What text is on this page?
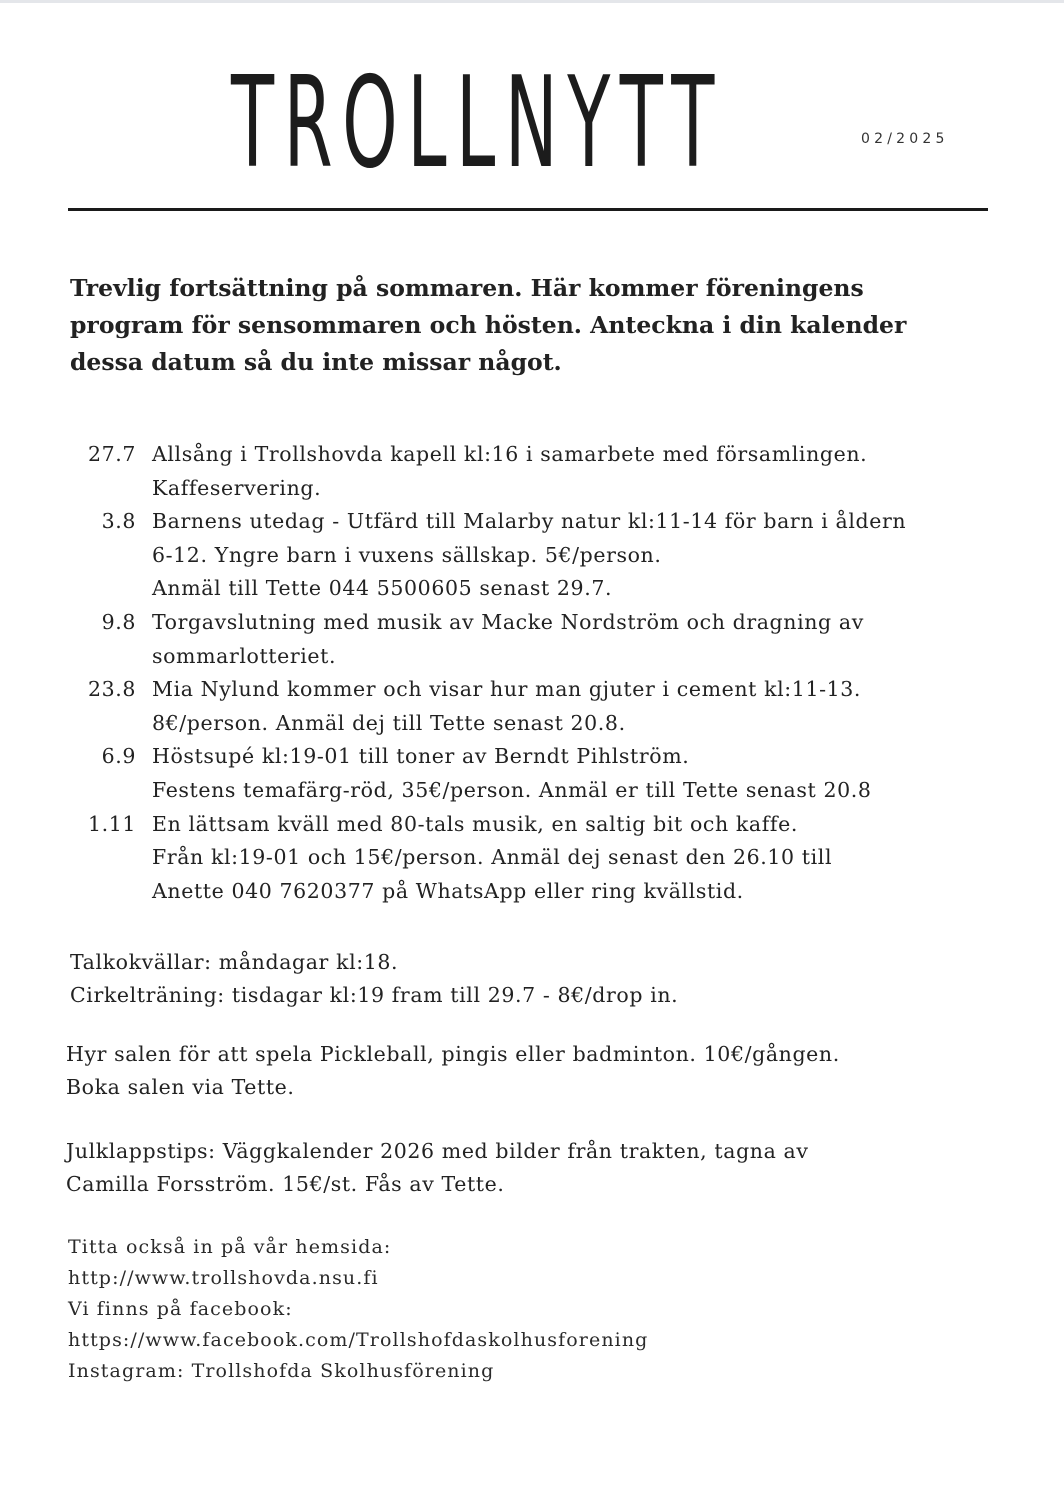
TROLLNYTT	02/2025
Trevlig fortsättning på sommaren. Här kommer föreningens
program för sensommaren och hösten. Anteckna i din kalender
dessa datum så du inte missar något.
27.7 Allsång i Trollshovda kapell kl:16 i samarbete med församlingen.
Kaffeservering.
3.8 Barnens utedag - Utfärd till Malarby natur kl:11-14 för barn i åldern
6-12. Yngre barn i vuxens sällskap. 5€/person.
Anmäl till Tette 044 5500605 senast 29.7.
9.8 Torgavslutning med musik av Macke Nordström och dragning av
sommarlotteriet.
23.8 Mia Nylund kommer och visar hur man gjuter i cement kl:11-13.
8€/person. Anmäl dej till Tette senast 20.8.
6.9 Höstsupé kl:19-01 till toner av Berndt Pihlström.
Festens temafärg-röd, 35€/person. Anmäl er till Tette senast 20.8
1.11 En lättsam kväll med 80-tals musik, en saltig bit och kaffe.
Från kl:19-01 och 15€/person. Anmäl dej senast den 26.10 till
Anette 040 7620377 på WhatsApp eller ring kvällstid.
Talkokvällar: måndagar kl:18.
Cirkelträning: tisdagar kl:19 fram till 29.7 - 8€/drop in.
Hyr salen för att spela Pickleball, pingis eller badminton. 10€/gången.
Boka salen via Tette.
Julklappstips: Väggkalender 2026 med bilder från trakten, tagna av
Camilla Forsström. 15€/st. Fås av Tette.
Titta också in på vår hemsida:
http://www.trollshovda.nsu.fi
Vi finns på facebook:
https://www.facebook.com/Trollshofdaskolhusforening
Instagram: Trollshofda Skolhusförening
